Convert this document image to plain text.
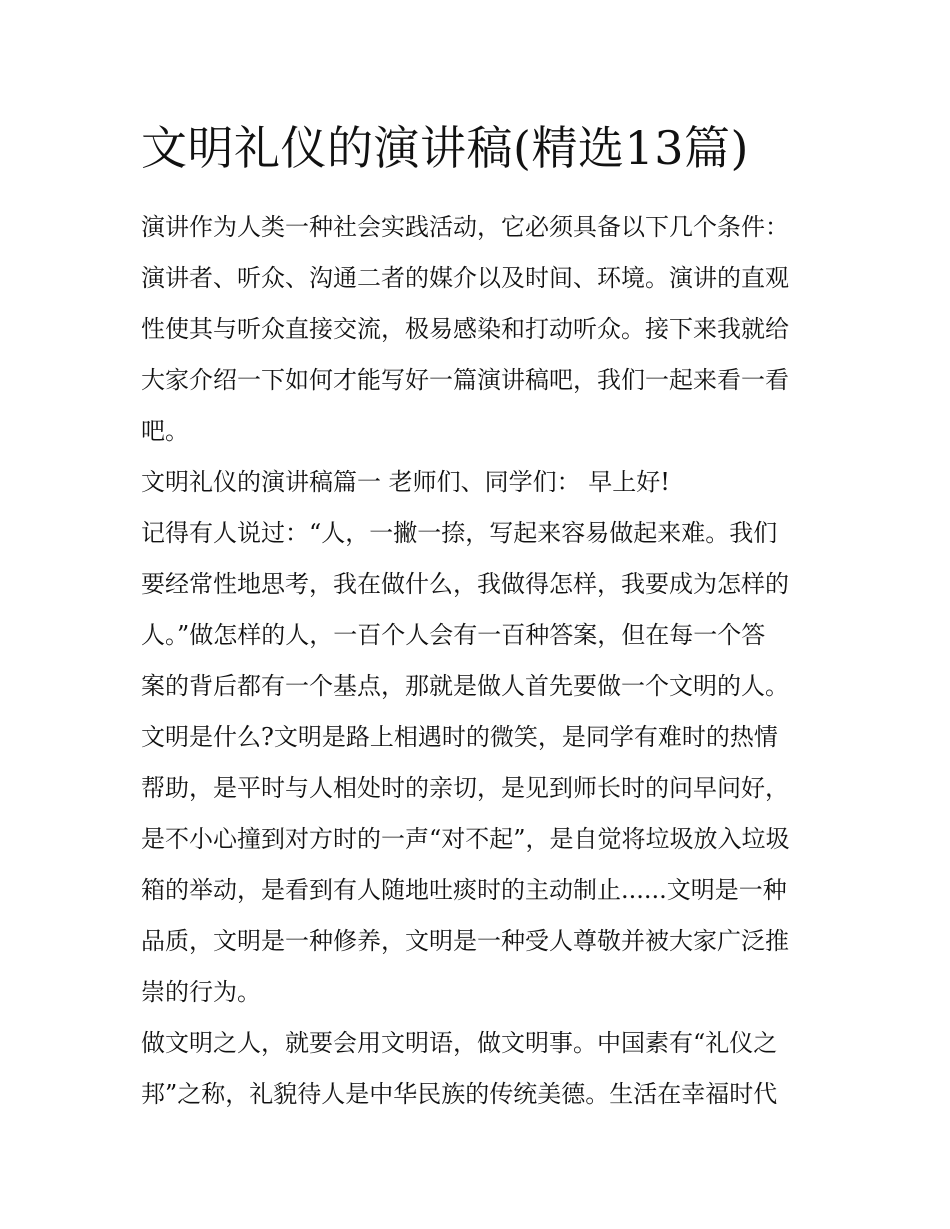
文明礼仪的演讲稿(精选13篇)

演讲作为人类一种社会实践活动，它必须具备以下几个条件：

演讲者、听众、沟通二者的媒介以及时间、环境。演讲的直观

性使其与听众直接交流，极易感染和打动听众。接下来我就给

大家介绍一下如何才能写好一篇演讲稿吧，我们一起来看一看

吧。

文明礼仪的演讲稿篇一 老师们、同学们： 早上好!

记得有人说过：“人，一撇一捺，写起来容易做起来难。我们

要经常性地思考，我在做什么，我做得怎样，我要成为怎样的

人。”做怎样的人，一百个人会有一百种答案，但在每一个答

案的背后都有一个基点，那就是做人首先要做一个文明的人。

文明是什么?文明是路上相遇时的微笑，是同学有难时的热情

帮助，是平时与人相处时的亲切，是见到师长时的问早问好，

是不小心撞到对方时的一声“对不起”，是自觉将垃圾放入垃圾

箱的举动，是看到有人随地吐痰时的主动制止......文明是一种

品质，文明是一种修养，文明是一种受人尊敬并被大家广泛推

崇的行为。

做文明之人，就要会用文明语，做文明事。中国素有“礼仪之

邦”之称，礼貌待人是中华民族的传统美德。生活在幸福时代
